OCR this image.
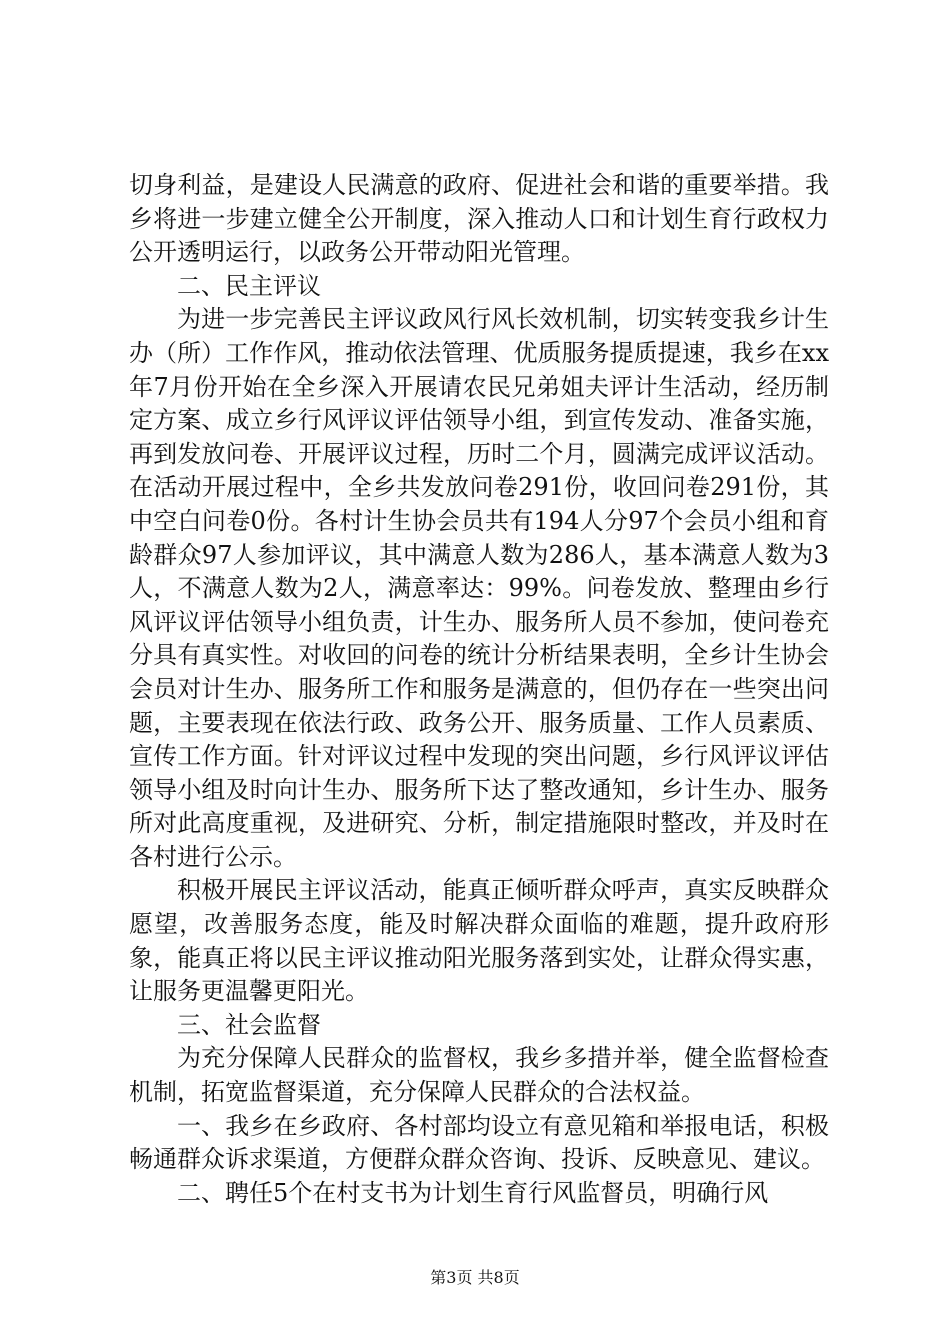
切身利益，是建设人民满意的政府、促进社会和谐的重要举措。我乡将进一步建立健全公开制度，深入推动人口和计划生育行政权力公开透明运行，以政务公开带动阳光管理。

二、民主评议

为进一步完善民主评议政风行风长效机制，切实转变我乡计生办（所）工作作风，推动依法管理、优质服务提质提速，我乡在xx年7月份开始在全乡深入开展请农民兄弟姐夫评计生活动，经历制定方案、成立乡行风评议评估领导小组，到宣传发动、准备实施，再到发放问卷、开展评议过程，历时二个月，圆满完成评议活动。在活动开展过程中，全乡共发放问卷291份，收回问卷291份，其中空白问卷0份。各村计生协会员共有194人分97个会员小组和育龄群众97人参加评议，其中满意人数为286人，基本满意人数为3人，不满意人数为2人，满意率达：99%。问卷发放、整理由乡行风评议评估领导小组负责，计生办、服务所人员不参加，使问卷充分具有真实性。对收回的问卷的统计分析结果表明，全乡计生协会会员对计生办、服务所工作和服务是满意的，但仍存在一些突出问题，主要表现在依法行政、政务公开、服务质量、工作人员素质、宣传工作方面。针对评议过程中发现的突出问题，乡行风评议评估领导小组及时向计生办、服务所下达了整改通知，乡计生办、服务所对此高度重视，及进研究、分析，制定措施限时整改，并及时在各村进行公示。

积极开展民主评议活动，能真正倾听群众呼声，真实反映群众愿望，改善服务态度，能及时解决群众面临的难题，提升政府形象，能真正将以民主评议推动阳光服务落到实处，让群众得实惠，让服务更温馨更阳光。

三、社会监督

为充分保障人民群众的监督权，我乡多措并举，健全监督检查机制，拓宽监督渠道，充分保障人民群众的合法权益。

一、我乡在乡政府、各村部均设立有意见箱和举报电话，积极畅通群众诉求渠道，方便群众群众咨询、投诉、反映意见、建议。

二、聘任5个在村支书为计划生育行风监督员，明确行风

第3页 共8页
